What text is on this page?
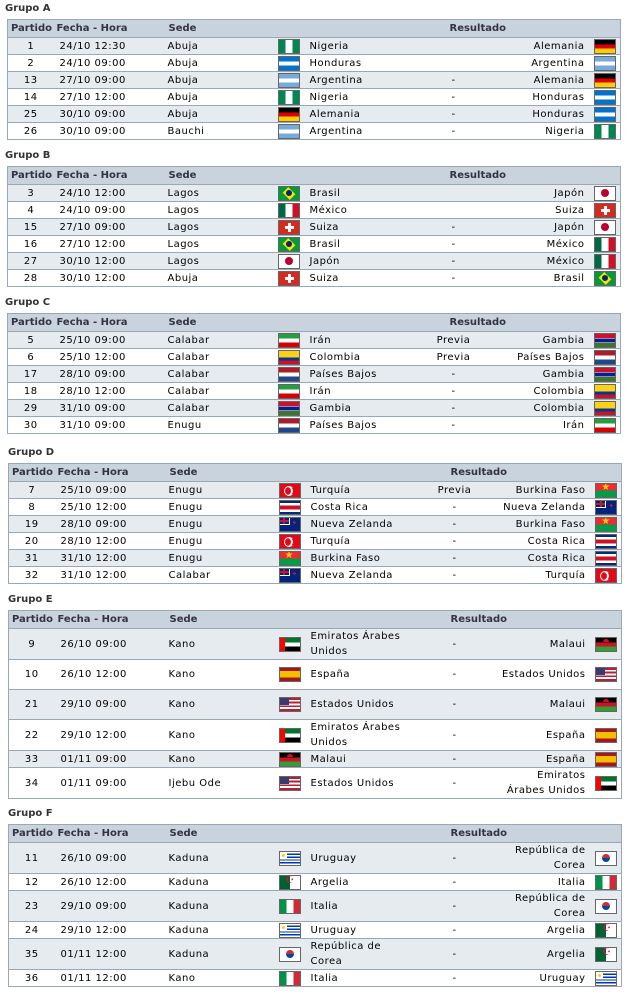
Grupo A
Partido	Fecha - Hora	Sede			Resultado		
1	24/10 12:30	Abuja		Nigeria		Alemania	
2	24/10 09:00	Abuja		Honduras		Argentina	
13	27/10 09:00	Abuja		Argentina	-	Alemania	
14	27/10 12:00	Abuja		Nigeria	-	Honduras	
25	30/10 09:00	Abuja		Alemania	-	Honduras	
26	30/10 09:00	Bauchi		Argentina	-	Nigeria	
Grupo B
Partido	Fecha - Hora	Sede			Resultado		
3	24/10 12:00	Lagos		Brasil		Japón	
4	24/10 09:00	Lagos		México		Suiza	
15	27/10 09:00	Lagos		Suiza	-	Japón	
16	27/10 12:00	Lagos		Brasil	-	México	
27	30/10 12:00	Lagos		Japón	-	México	
28	30/10 12:00	Abuja		Suiza	-	Brasil	
Grupo C
Partido	Fecha - Hora	Sede			Resultado		
5	25/10 09:00	Calabar		Irán	Previa	Gambia	
6	25/10 12:00	Calabar		Colombia	Previa	Países Bajos	
17	28/10 09:00	Calabar		Países Bajos	-	Gambia	
18	28/10 12:00	Calabar		Irán	-	Colombia	
29	31/10 09:00	Calabar		Gambia	-	Colombia	
30	31/10 09:00	Enugu		Países Bajos	-	Irán	
Grupo D
Partido	Fecha - Hora	Sede			Resultado		
7	25/10 09:00	Enugu		Turquía	Previa	Burkina Faso	★
8	25/10 12:00	Enugu		Costa Rica	-	Nueva Zelanda	✦
19	28/10 09:00	Enugu	✦	Nueva Zelanda	-	Burkina Faso	★
20	28/10 12:00	Enugu		Turquía	-	Costa Rica	
31	31/10 12:00	Enugu	★	Burkina Faso	-	Costa Rica	
32	31/10 12:00	Calabar	✦	Nueva Zelanda	-	Turquía	
Grupo E
Partido	Fecha - Hora	Sede			Resultado		
9	26/10 09:00	Kano		Emiratos Árabes Unidos	-	Malaui	
10	26/10 12:00	Kano		España	-	Estados Unidos	
21	29/10 09:00	Kano		Estados Unidos	-	Malaui	
22	29/10 12:00	Kano		Emiratos Árabes Unidos	-	España	
33	01/11 09:00	Kano		Malaui	-	España	
34	01/11 09:00	Ijebu Ode		Estados Unidos	-	Emiratos Árabes Unidos	
Grupo F
Partido	Fecha - Hora	Sede			Resultado		
11	26/10 09:00	Kaduna		Uruguay	-	República de Corea	
12	26/10 12:00	Kaduna	☪	Argelia	-	Italia	
23	29/10 09:00	Kaduna		Italia	-	República de Corea	
24	29/10 12:00	Kaduna		Uruguay	-	Argelia	☪
35	01/11 12:00	Kaduna		República de Corea	-	Argelia	☪
36	01/11 12:00	Kano		Italia	-	Uruguay	
